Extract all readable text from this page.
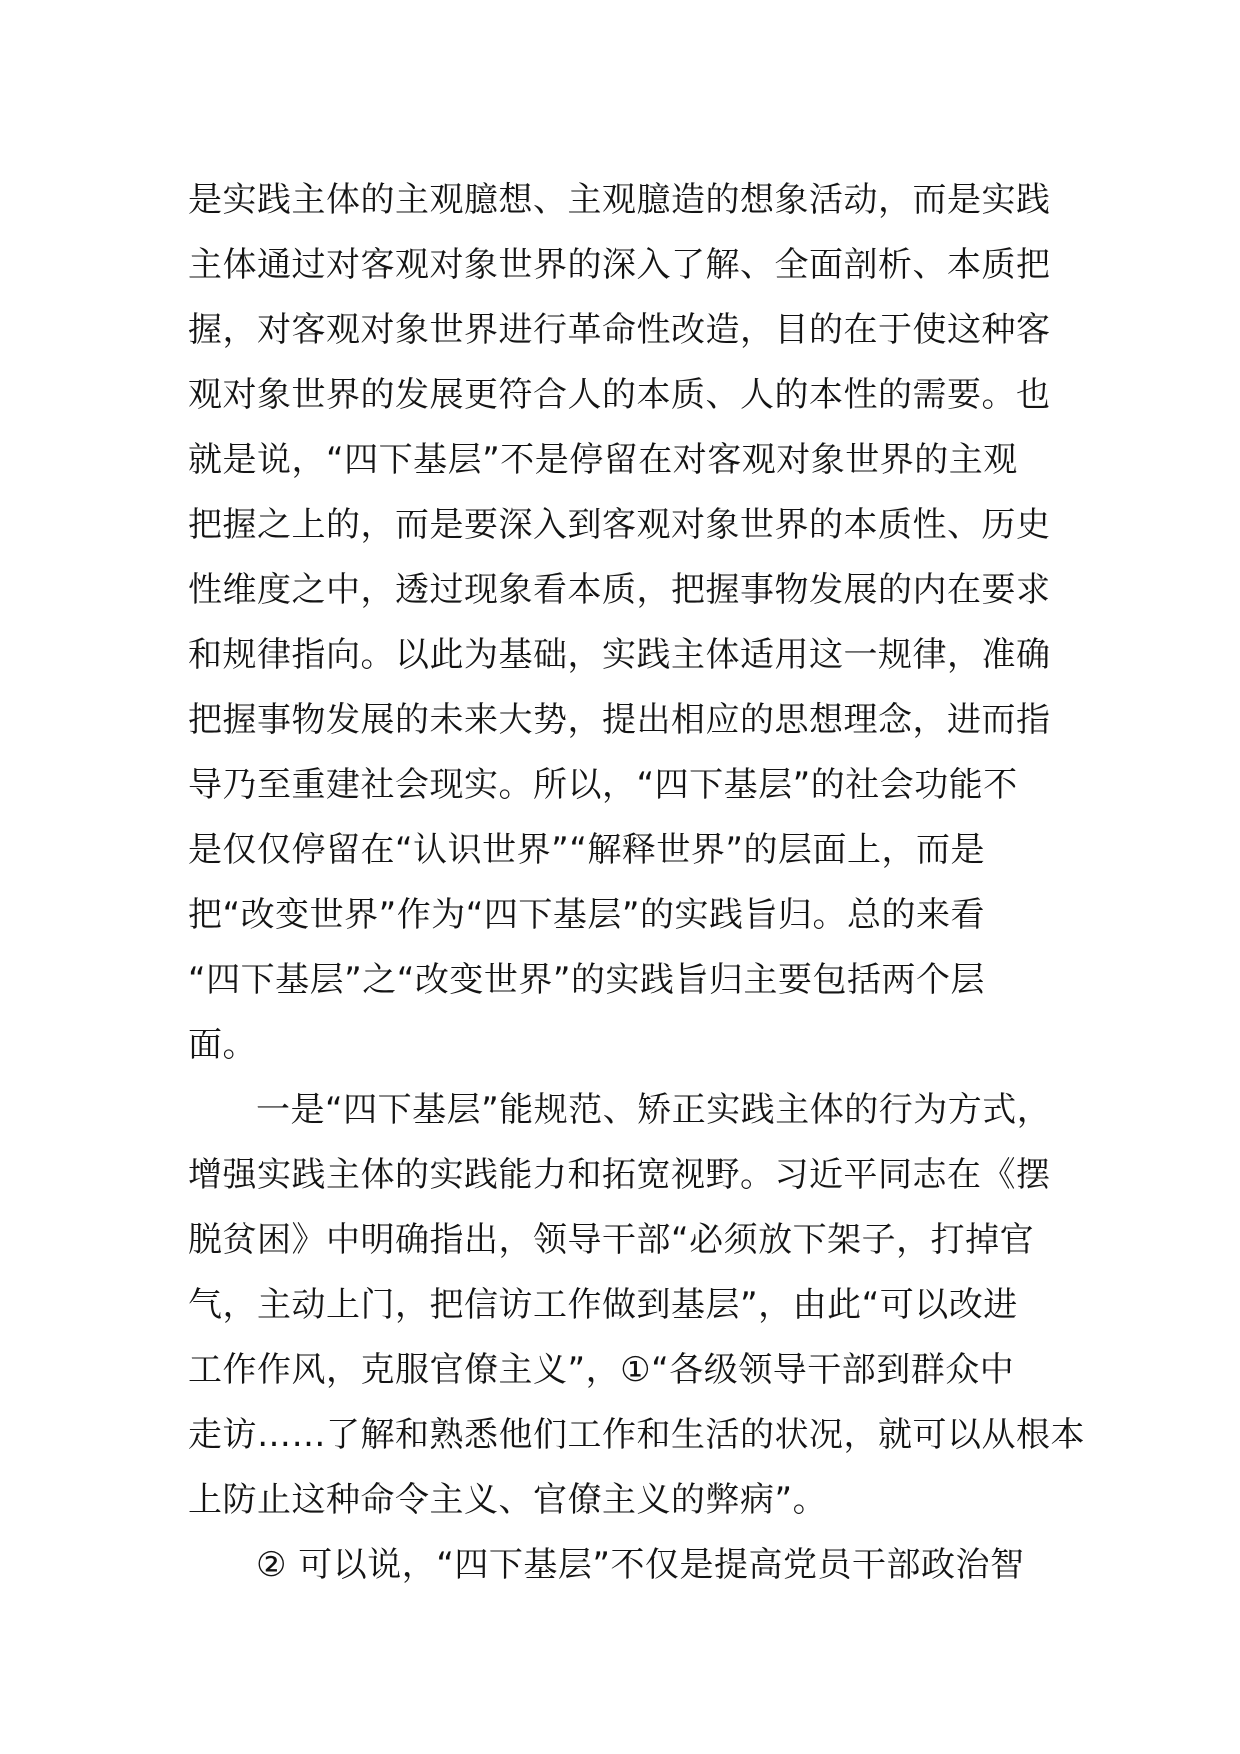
是实践主体的主观臆想、主观臆造的想象活动，而是实践
主体通过对客观对象世界的深入了解、全面剖析、本质把
握，对客观对象世界进行革命性改造，目的在于使这种客
观对象世界的发展更符合人的本质、人的本性的需要。也
就是说，“四下基层”不是停留在对客观对象世界的主观
把握之上的，而是要深入到客观对象世界的本质性、历史
性维度之中，透过现象看本质，把握事物发展的内在要求
和规律指向。以此为基础，实践主体适用这一规律，准确
把握事物发展的未来大势，提出相应的思想理念，进而指
导乃至重建社会现实。所以，“四下基层”的社会功能不
是仅仅停留在“认识世界”“解释世界”的层面上，而是
把“改变世界”作为“四下基层”的实践旨归。总的来看
“四下基层”之“改变世界”的实践旨归主要包括两个层
面。
一是“四下基层”能规范、矫正实践主体的行为方式，
增强实践主体的实践能力和拓宽视野。习近平同志在《摆
脱贫困》中明确指出，领导干部“必须放下架子，打掉官
气，主动上门，把信访工作做到基层”，由此“可以改进
工作作风，克服官僚主义”，①“各级领导干部到群众中
走访……了解和熟悉他们工作和生活的状况，就可以从根本
上防止这种命令主义、官僚主义的弊病”。
② 可以说，“四下基层”不仅是提高党员干部政治智
